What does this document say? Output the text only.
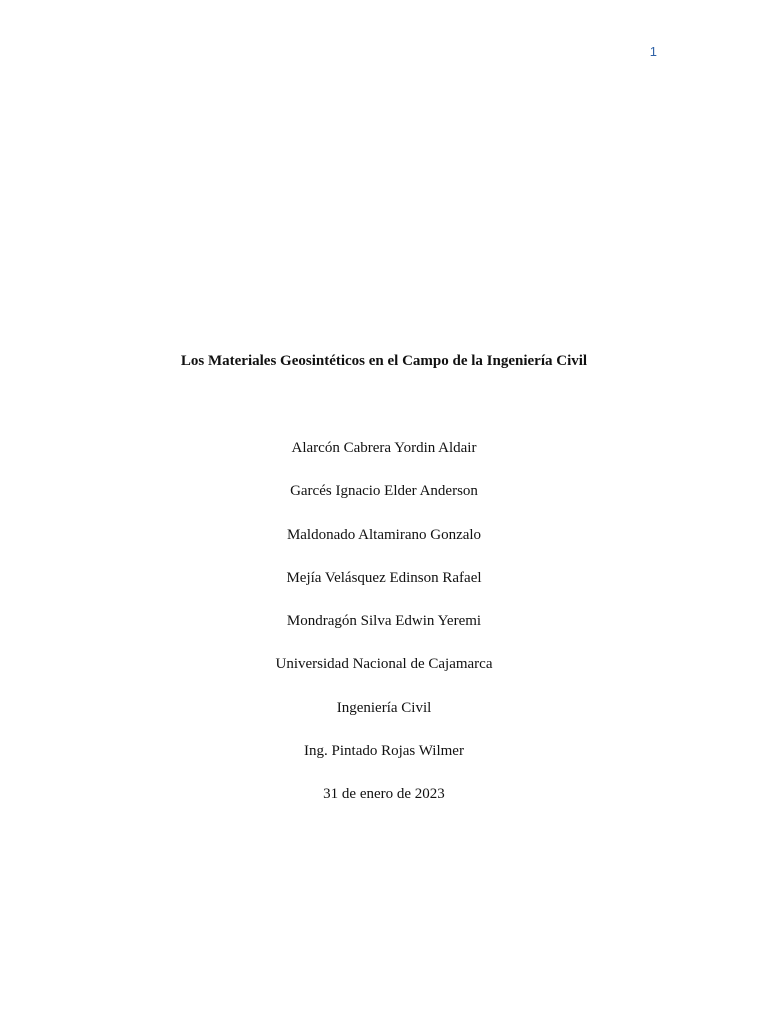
1
Los Materiales Geosintéticos en el Campo de la Ingeniería Civil
Alarcón Cabrera Yordin Aldair
Garcés Ignacio Elder Anderson
Maldonado Altamirano Gonzalo
Mejía Velásquez Edinson Rafael
Mondragón Silva Edwin Yeremi
Universidad Nacional de Cajamarca
Ingeniería Civil
Ing. Pintado Rojas Wilmer
31 de enero de 2023
